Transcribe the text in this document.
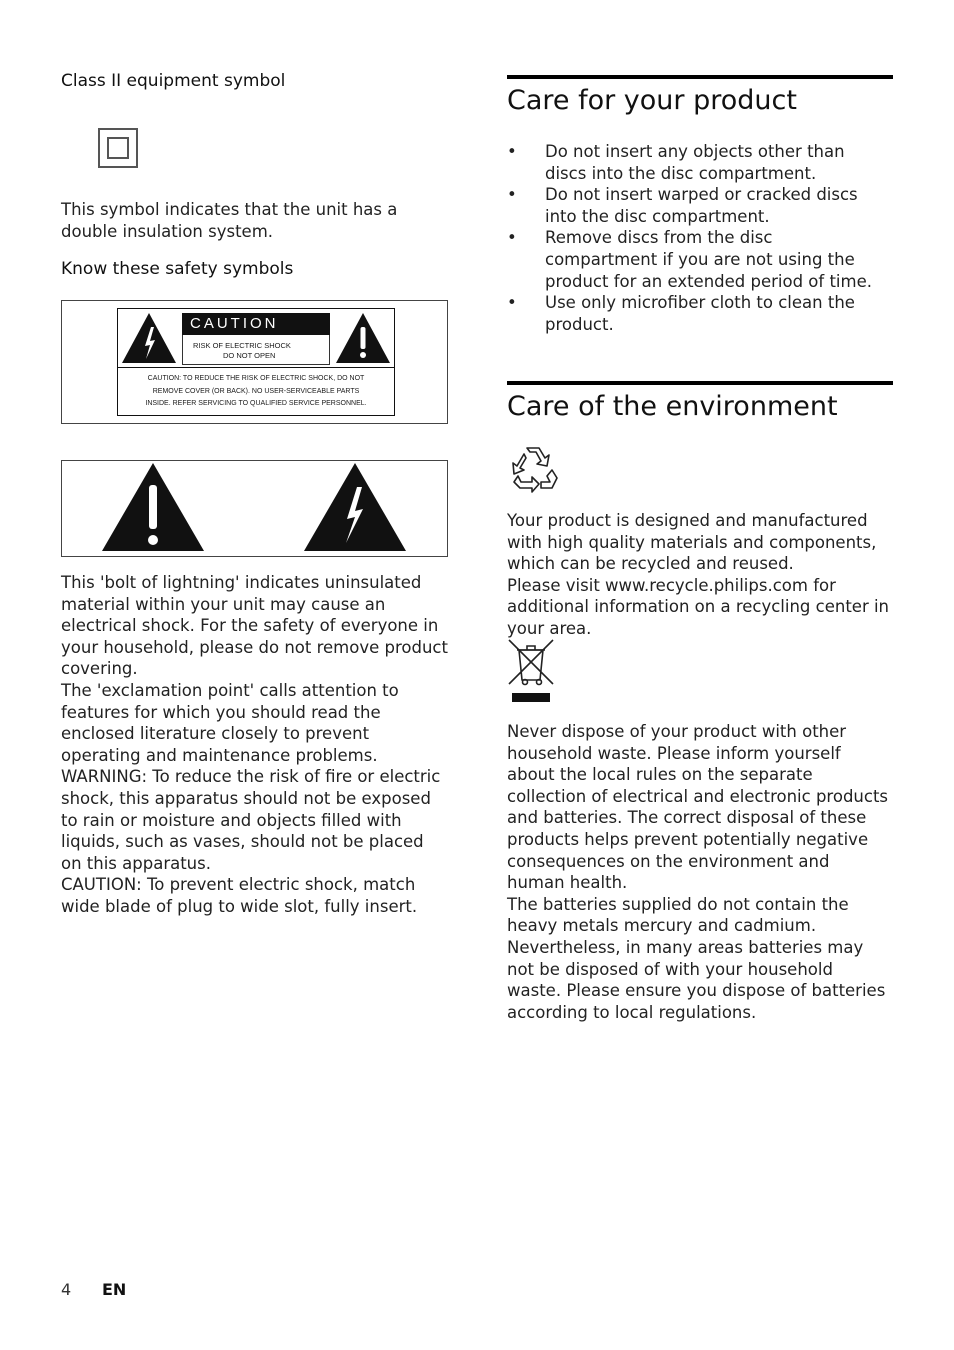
Class II equipment symbol
This symbol indicates that the unit has a double insulation system.
Know these safety symbols
CAUTION
RISK OF ELECTRIC SHOCK
DO NOT OPEN
CAUTION: TO REDUCE THE RISK OF ELECTRIC SHOCK, DO NOT
REMOVE COVER (OR BACK). NO USER-SERVICEABLE PARTS
INSIDE. REFER SERVICING TO QUALIFIED SERVICE PERSONNEL.

This 'bolt of lightning' indicates uninsulated material within your unit may cause an electrical shock. For the safety of everyone in your household, please do not remove product covering.

The 'exclamation point' calls attention to features for which you should read the enclosed literature closely to prevent operating and maintenance problems.

WARNING: To reduce the risk of fire or electric shock, this apparatus should not be exposed to rain or moisture and objects filled with liquids, such as vases, should not be placed on this apparatus.

CAUTION: To prevent electric shock, match wide blade of plug to wide slot, fully insert.

Care for your product
• Do not insert any objects other than discs into the disc compartment.
• Do not insert warped or cracked discs into the disc compartment.
• Remove discs from the disc compartment if you are not using the product for an extended period of time.
• Use only microfiber cloth to clean the product.
Care of the environment

Your product is designed and manufactured with high quality materials and components, which can be recycled and reused.

Please visit www.recycle.philips.com for additional information on a recycling center in your area.

Never dispose of your product with other household waste. Please inform yourself about the local rules on the separate collection of electrical and electronic products and batteries. The correct disposal of these products helps prevent potentially negative consequences on the environment and human health.

The batteries supplied do not contain the heavy metals mercury and cadmium. Nevertheless, in many areas batteries may not be disposed of with your household waste. Please ensure you dispose of batteries according to local regulations.

4 EN
